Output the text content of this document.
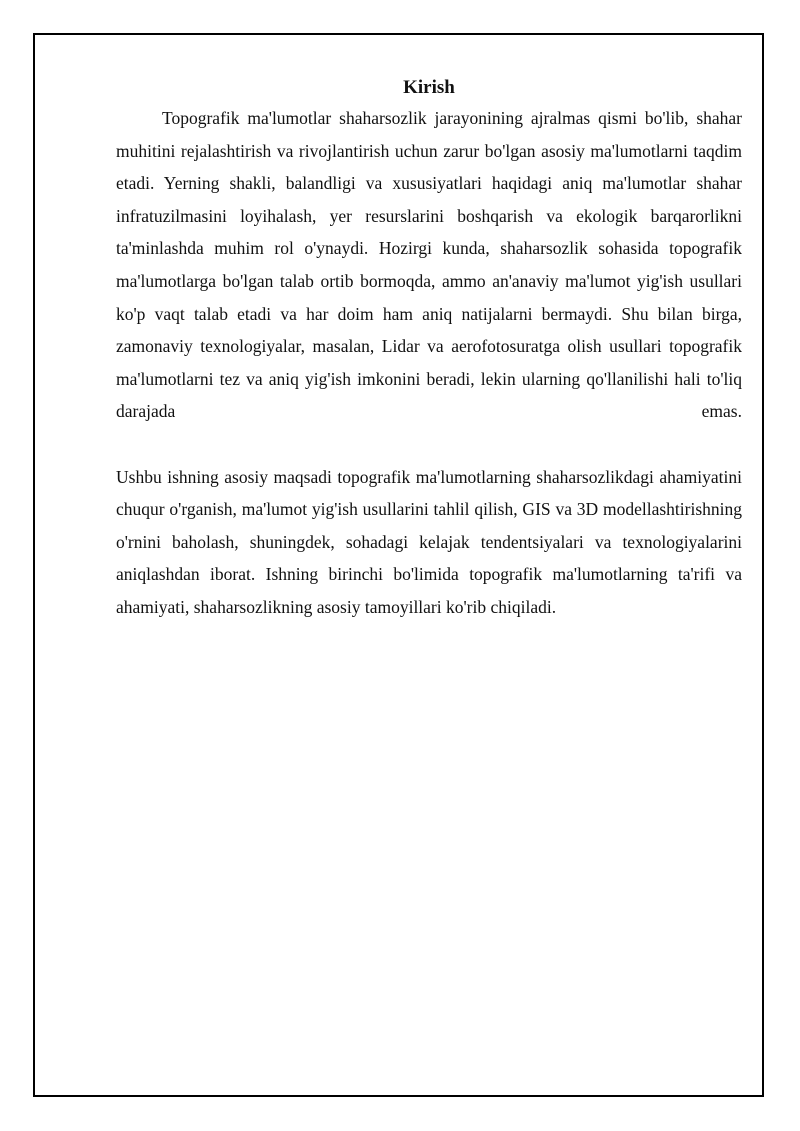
Kirish

Topografik ma'lumotlar shaharsozlik jarayonining ajralmas qismi bo'lib, shahar muhitini rejalashtirish va rivojlantirish uchun zarur bo'lgan asosiy ma'lumotlarni taqdim etadi. Yerning shakli, balandligi va xususiyatlari haqidagi aniq ma'lumotlar shahar infratuzilmasini loyihalash, yer resurslarini boshqarish va ekologik barqarorlikni ta'minlashda muhim rol o'ynaydi. Hozirgi kunda, shaharsozlik sohasida topografik ma'lumotlarga bo'lgan talab ortib bormoqda, ammo an'anaviy ma'lumot yig'ish usullari ko'p vaqt talab etadi va har doim ham aniq natijalarni bermaydi. Shu bilan birga, zamonaviy texnologiyalar, masalan, Lidar va aerofotosuratga olish usullari topografik ma'lumotlarni tez va aniq yig'ish imkonini beradi, lekin ularning qo'llanilishi hali to'liq darajada emas.

Ushbu ishning asosiy maqsadi topografik ma'lumotlarning shaharsozlikdagi ahamiyatini chuqur o'rganish, ma'lumot yig'ish usullarini tahlil qilish, GIS va 3D modellashtirishning o'rnini baholash, shuningdek, sohadagi kelajak tendentsiyalari va texnologiyalarini aniqlashdan iborat. Ishning birinchi bo'limida topografik ma'lumotlarning ta'rifi va ahamiyati, shaharsozlikning asosiy tamoyillari ko'rib chiqiladi.
